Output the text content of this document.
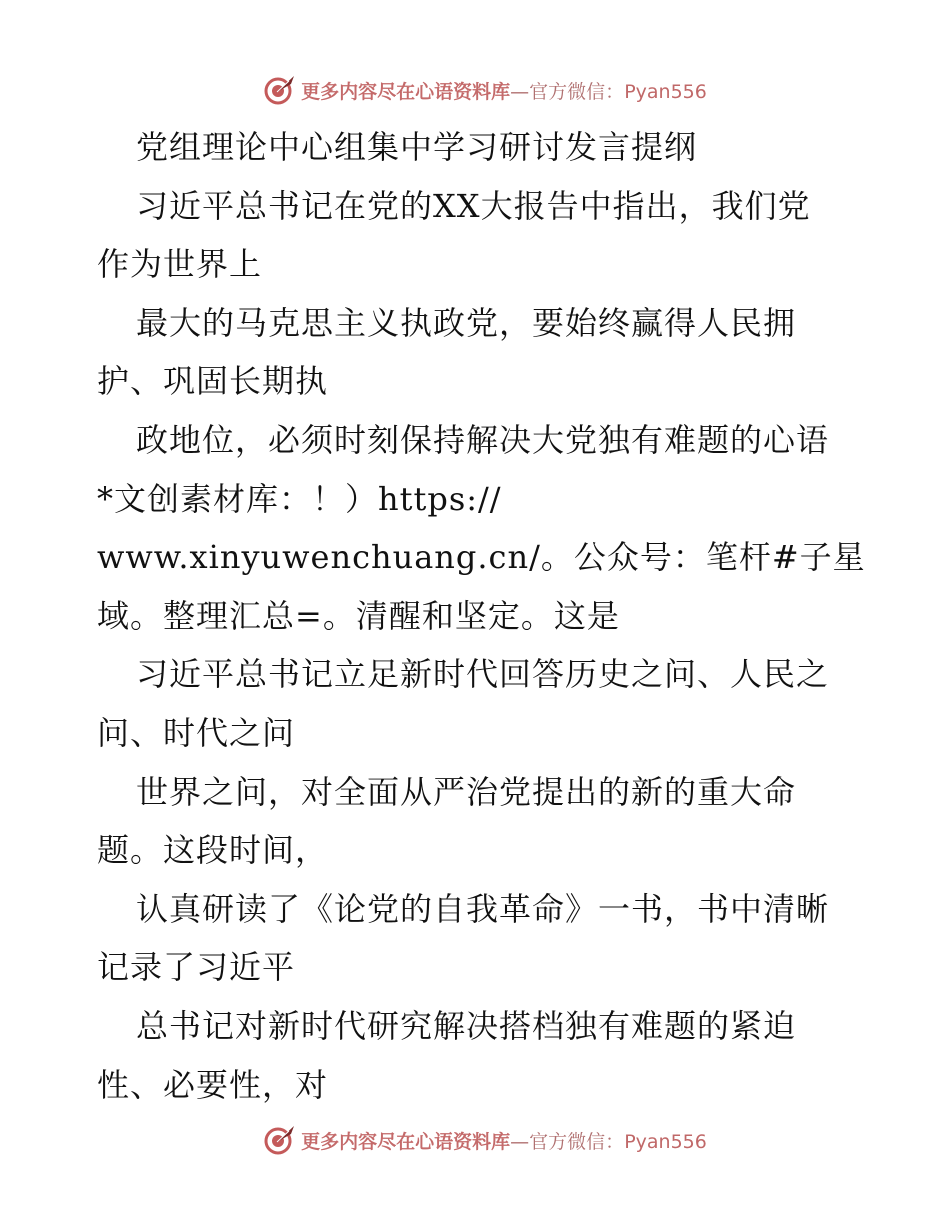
更多内容尽在心语资料库—官方微信：Pyan556
党组理论中心组集中学习研讨发言提纲
习近平总书记在党的XX大报告中指出，我们党
作为世界上
最大的马克思主义执政党，要始终赢得人民拥
护、巩固长期执
政地位，必须时刻保持解决大党独有难题的心语
*文创素材库：！）https://
www.xinyuwenchuang.cn/。公众号：笔杆#子星
域。整理汇总=。清醒和坚定。这是
习近平总书记立足新时代回答历史之问、人民之
问、时代之问
世界之问，对全面从严治党提出的新的重大命
题。这段时间，
认真研读了《论党的自我革命》一书，书中清晰
记录了习近平
总书记对新时代研究解决搭档独有难题的紧迫
性、必要性，对
更多内容尽在心语资料库—官方微信：Pyan556
